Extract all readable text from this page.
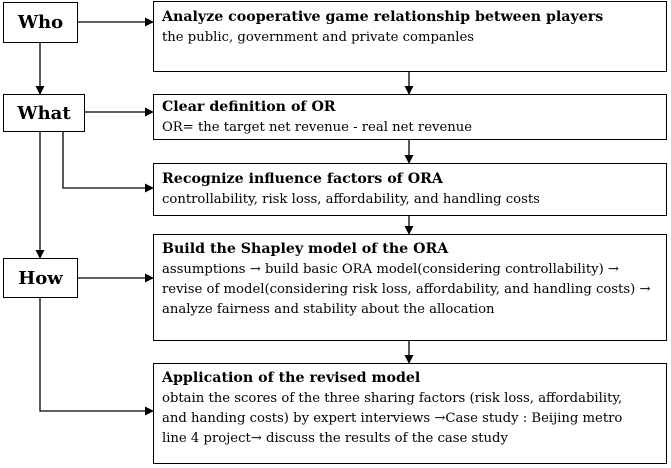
Who
What
How
Analyze cooperative game relationship between players
the public, government and private companles
Clear definition of OR
OR= the target net revenue - real net revenue
Recognize influence factors of ORA
controllability, risk loss, affordability, and handling costs
Build the Shapley model of the ORA
assumptions → build basic ORA model(considering controllability) →
revise of model(considering risk loss, affordability, and handling costs) →
analyze fairness and stability about the allocation
Application of the revised model
obtain the scores of the three sharing factors (risk loss, affordability,
and handing costs) by expert interviews →Case study : Beijing metro
line 4 project→ discuss the results of the case study
